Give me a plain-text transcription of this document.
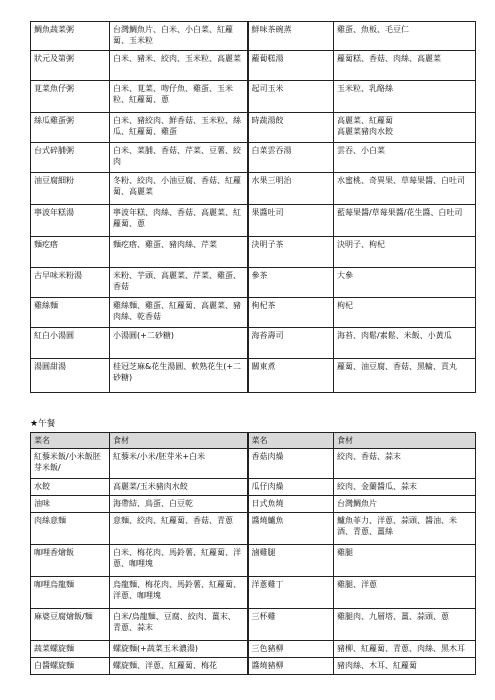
鯛魚蔬菜粥	台灣鯛魚片、白米、小白菜、紅蘿蔔、玉米粒	鮮味茶碗蒸	雞蛋、魚板、毛豆仁
狀元及第粥	白米、豬米、絞肉、玉米粒、高麗菜	蘿蔔糕湯	蘿蔔糕、香菇、肉絲、高麗菜
莧菜魚仔粥	白米、莧菜、吻仔魚、雞蛋、玉米粒、紅蘿蔔、蔥	起司玉米	玉米粒、乳酪絲
絲瓜雞蛋粥	白米、豬絞肉、鮮香菇、玉米粒、絲瓜、紅蘿蔔、雞蛋	時蔬湯餃	高麗菜、紅蘿蔔
高麗菜豬肉水餃
台式碎脯粥	白米、菜脯、香菇、芹菜、豆薯、絞肉	白菜雲吞湯	雲吞、小白菜
油豆腐細粉	冬粉、絞肉、小油豆腐、香菇、紅蘿蔔、高麗菜	水果三明治	水蜜桃、奇異果、草莓果醬、白吐司
寧波年糕湯	寧波年糕、肉絲、香菇、高麗菜、紅蘿蔔、蔥	果醬吐司	藍莓果醬/草莓果醬/花生醬、白吐司
麵疙瘩	麵疙瘩、雞蛋、豬肉絲、芹菜	決明子茶	決明子、枸杞
古早味米粉湯	米粉、芋頭、高麗菜、芹菜、雞蛋、香菇	參茶	大參
雞絲麵	雞絲麵、雞蛋、紅蘿蔔、高麗菜、豬肉絲、乾香菇	枸杞茶	枸杞
紅白小湯圓	小湯圓(+二砂糖)	海苔壽司	海苔、肉鬆/素鬆、米飯、小黃瓜
湯圓甜湯	桂冠芝麻&花生湯圓、軟熟花生(+二砂糖)	關東煮	蘿蔔、油豆腐、香菇、黑輪、貢丸
★午餐
菜名	食材	菜名	食材
紅藜米飯/小米飯胚芽米飯/	紅藜米/小米/胚芽米+白米	香菇肉燥	絞肉、香菇、蒜末
水餃	高麗菜/玉米豬肉水餃	瓜仔肉燥	絞肉、金蘭醬瓜、蒜末
油味	海帶結、鳥蛋、白豆乾	日式魚燒	台灣鯛魚片
肉絲意麵	意麵、絞肉、紅蘿蔔、香菇、青蔥	醬燒鱸魚	鱸魚菲力、洋蔥、蒜頭、醬油、米酒、青蔥、薑絲
咖哩香燴飯	白米、梅花肉、馬鈴薯、紅蘿蔔、洋蔥、咖哩塊	滷雞腿	雞腿
咖哩烏龍麵	烏龍麵、梅花肉、馬鈴薯、紅蘿蔔、洋蔥、咖哩塊	洋蔥雞丁	雞腿、洋蔥
麻婆豆腐燴飯/麵	白米/烏龍麵、豆腐、絞肉、薑末、青蔥、蒜末	三杯雞	雞腿肉、九層塔、薑、蒜頭、蔥
蔬菜螺旋麵	螺旋麵(+蔬菜玉米濃湯)	三色豬柳	豬柳、紅蘿蔔、青蔥、肉絲、黑木耳
白醬螺旋麵	螺旋麵、洋蔥、紅蘿蔔、梅花	醬燒豬柳	豬肉絲、木耳、紅蘿蔔
